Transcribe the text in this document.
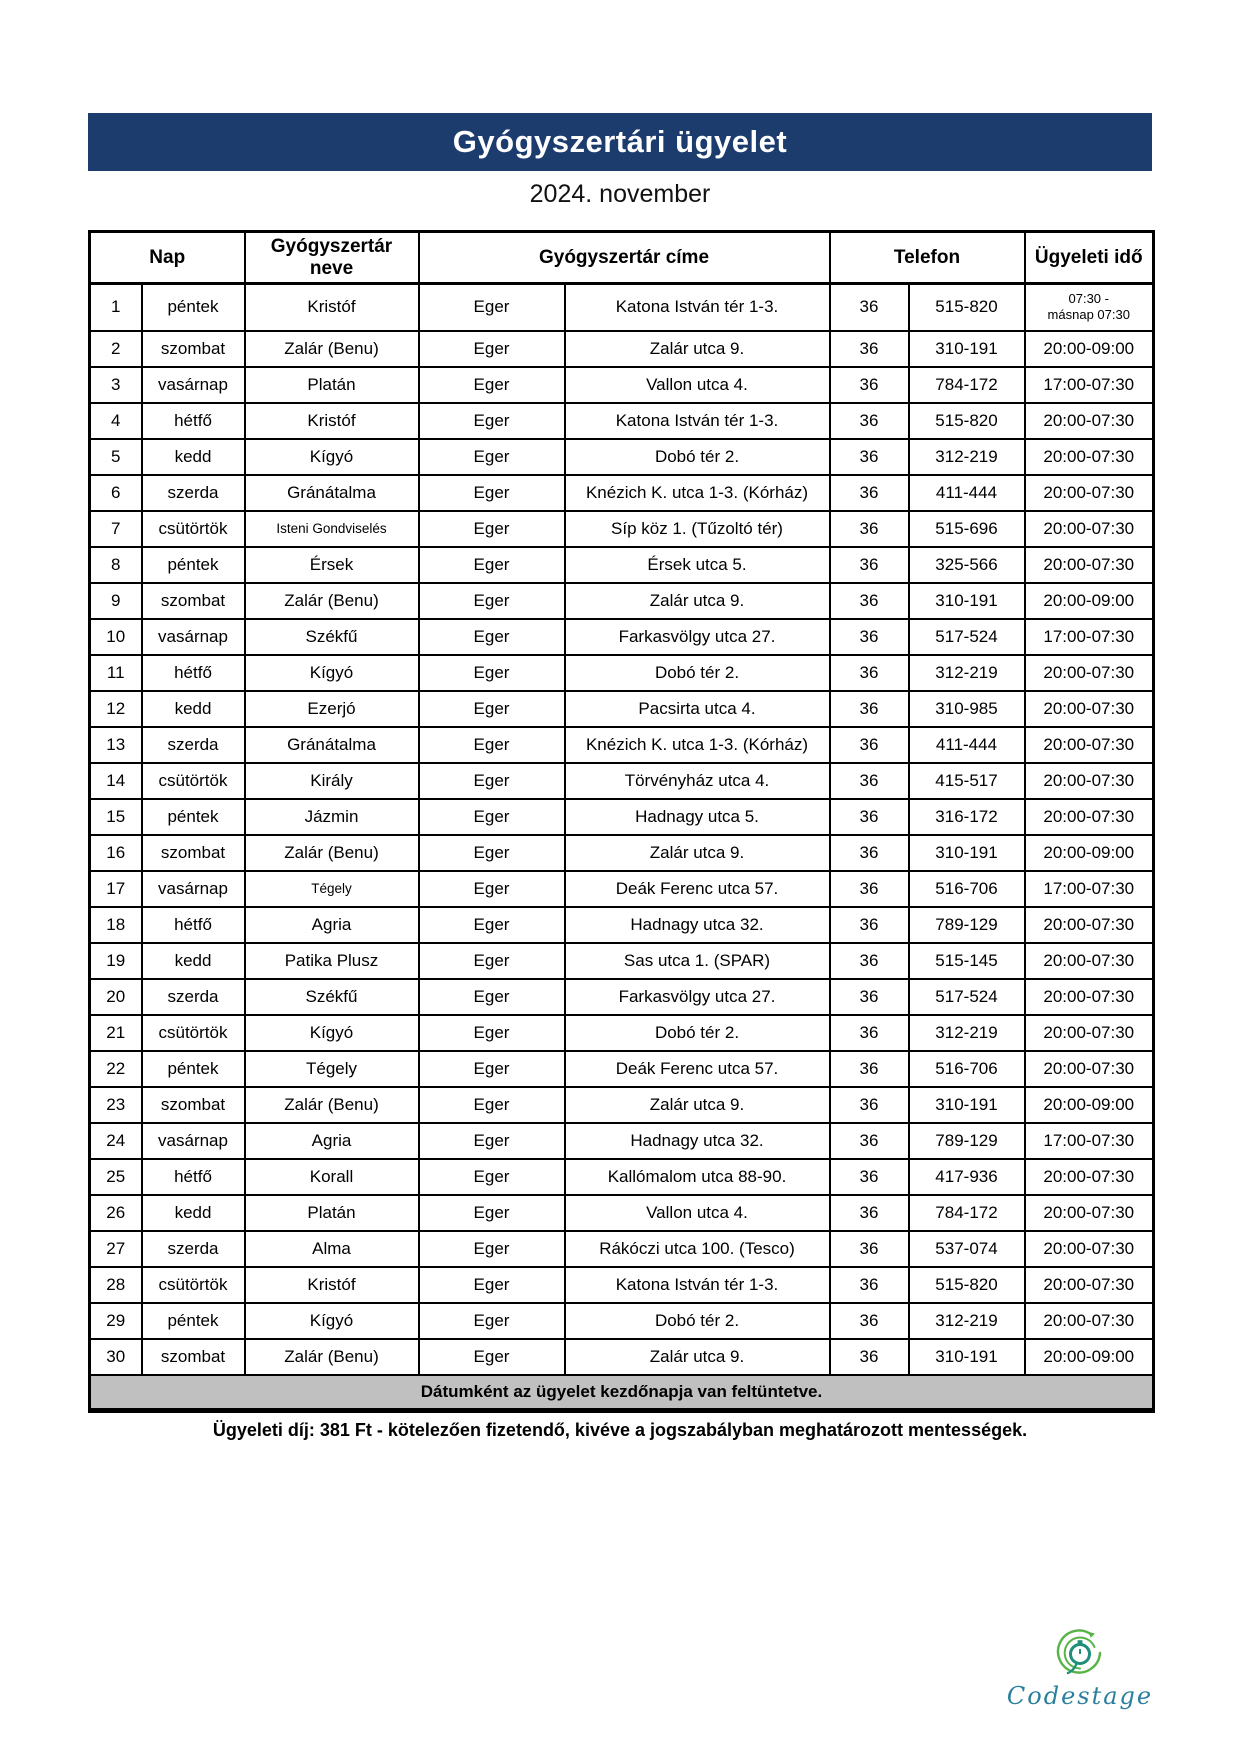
Gyógyszertári ügyelet
2024. november
Nap		Gyógyszertár neve	Gyógyszertár címe		Telefon		Ügyeleti idő
1	péntek	Kristóf	Eger	Katona István tér 1-3.	36	515-820	07:30 -
másnap 07:30
2	szombat	Zalár (Benu)	Eger	Zalár utca 9.	36	310-191	20:00-09:00
3	vasárnap	Platán	Eger	Vallon utca 4.	36	784-172	17:00-07:30
4	hétfő	Kristóf	Eger	Katona István tér 1-3.	36	515-820	20:00-07:30
5	kedd	Kígyó	Eger	Dobó tér 2.	36	312-219	20:00-07:30
6	szerda	Gránátalma	Eger	Knézich K. utca 1-3. (Kórház)	36	411-444	20:00-07:30
7	csütörtök	Isteni Gondviselés	Eger	Síp köz 1. (Tűzoltó tér)	36	515-696	20:00-07:30
8	péntek	Érsek	Eger	Érsek utca 5.	36	325-566	20:00-07:30
9	szombat	Zalár (Benu)	Eger	Zalár utca 9.	36	310-191	20:00-09:00
10	vasárnap	Székfű	Eger	Farkasvölgy utca 27.	36	517-524	17:00-07:30
11	hétfő	Kígyó	Eger	Dobó tér 2.	36	312-219	20:00-07:30
12	kedd	Ezerjó	Eger	Pacsirta utca 4.	36	310-985	20:00-07:30
13	szerda	Gránátalma	Eger	Knézich K. utca 1-3. (Kórház)	36	411-444	20:00-07:30
14	csütörtök	Király	Eger	Törvényház utca 4.	36	415-517	20:00-07:30
15	péntek	Jázmin	Eger	Hadnagy utca 5.	36	316-172	20:00-07:30
16	szombat	Zalár (Benu)	Eger	Zalár utca 9.	36	310-191	20:00-09:00
17	vasárnap	Tégely	Eger	Deák Ferenc utca 57.	36	516-706	17:00-07:30
18	hétfő	Agria	Eger	Hadnagy utca 32.	36	789-129	20:00-07:30
19	kedd	Patika Plusz	Eger	Sas utca 1. (SPAR)	36	515-145	20:00-07:30
20	szerda	Székfű	Eger	Farkasvölgy utca 27.	36	517-524	20:00-07:30
21	csütörtök	Kígyó	Eger	Dobó tér 2.	36	312-219	20:00-07:30
22	péntek	Tégely	Eger	Deák Ferenc utca 57.	36	516-706	20:00-07:30
23	szombat	Zalár (Benu)	Eger	Zalár utca 9.	36	310-191	20:00-09:00
24	vasárnap	Agria	Eger	Hadnagy utca 32.	36	789-129	17:00-07:30
25	hétfő	Korall	Eger	Kallómalom utca 88-90.	36	417-936	20:00-07:30
26	kedd	Platán	Eger	Vallon utca 4.	36	784-172	20:00-07:30
27	szerda	Alma	Eger	Rákóczi utca 100. (Tesco)	36	537-074	20:00-07:30
28	csütörtök	Kristóf	Eger	Katona István tér 1-3.	36	515-820	20:00-07:30
29	péntek	Kígyó	Eger	Dobó tér 2.	36	312-219	20:00-07:30
30	szombat	Zalár (Benu)	Eger	Zalár utca 9.	36	310-191	20:00-09:00
Dátumként az ügyelet kezdőnapja van feltüntetve.							
Ügyeleti díj: 381 Ft - kötelezően fizetendő, kivéve a jogszabályban meghatározott mentességek.
Codestage
